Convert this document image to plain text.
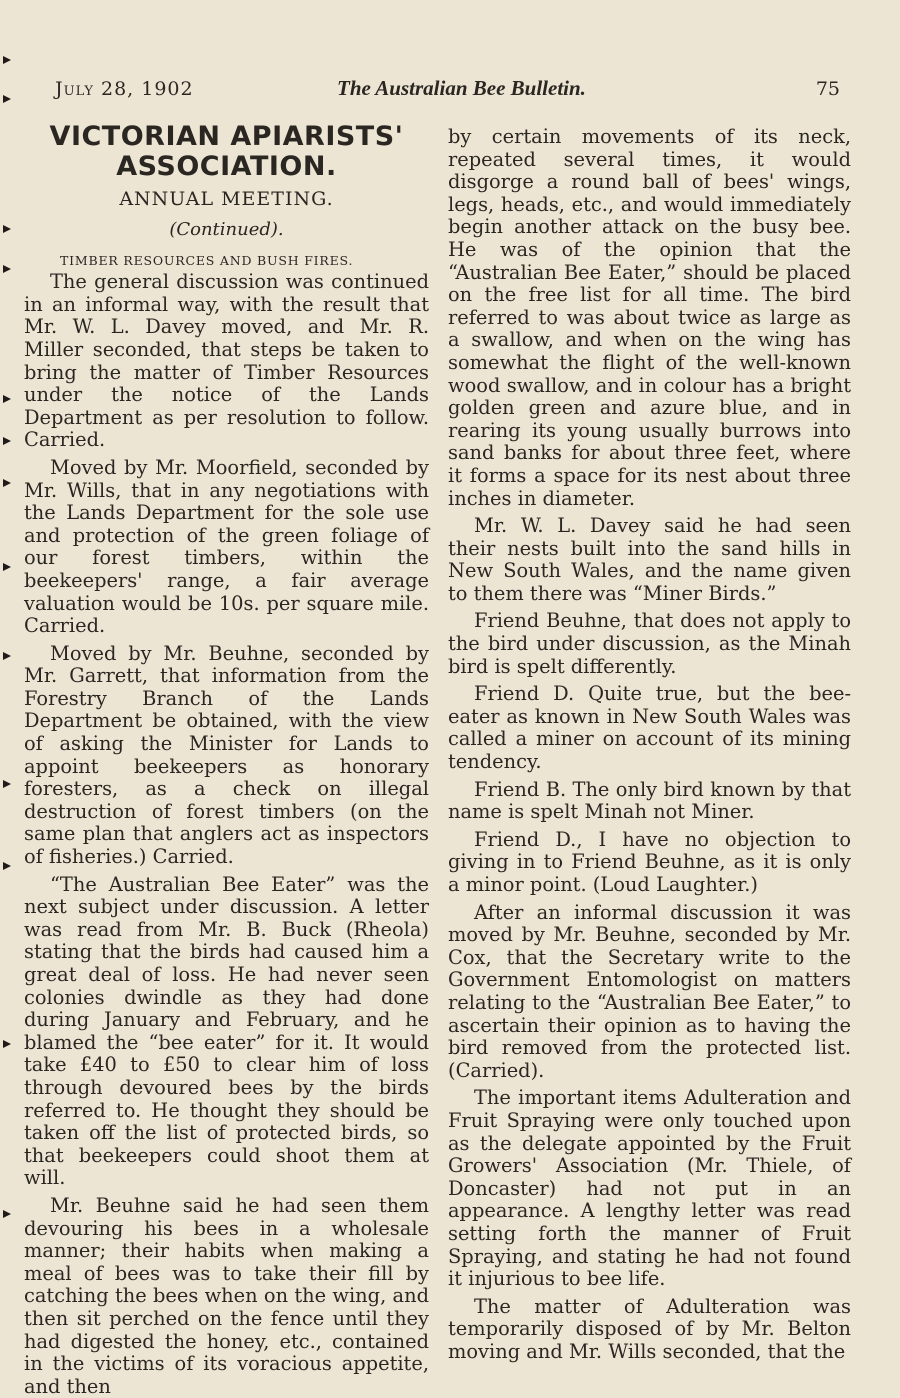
July 28, 1902	The Australian Bee Bulletin.	75
VICTORIAN APIARISTS' ASSOCIATION.
ANNUAL MEETING.
(Continued).
TIMBER RESOURCES AND BUSH FIRES.

The general discussion was continued in an informal way, with the result that Mr. W. L. Davey moved, and Mr. R. Miller seconded, that steps be taken to bring the matter of Timber Resources under the notice of the Lands Department as per resolution to follow. Carried.

Moved by Mr. Moorfield, seconded by Mr. Wills, that in any negotiations with the Lands Department for the sole use and protection of the green foliage of our forest timbers, within the beekeepers' range, a fair average valuation would be 10s. per square mile. Carried.

Moved by Mr. Beuhne, seconded by Mr. Garrett, that information from the Forestry Branch of the Lands Department be obtained, with the view of asking the Minister for Lands to appoint beekeepers as honorary foresters, as a check on illegal destruction of forest timbers (on the same plan that anglers act as inspectors of fisheries.) Carried.

“The Australian Bee Eater” was the next subject under discussion. A letter was read from Mr. B. Buck (Rheola) stating that the birds had caused him a great deal of loss. He had never seen colonies dwindle as they had done during January and February, and he blamed the “bee eater” for it. It would take £40 to £50 to clear him of loss through devoured bees by the birds referred to. He thought they should be taken off the list of protected birds, so that beekeepers could shoot them at will.

Mr. Beuhne said he had seen them devouring his bees in a wholesale manner; their habits when making a meal of bees was to take their fill by catching the bees when on the wing, and then sit perched on the fence until they had digested the honey, etc., contained in the victims of its voracious appetite, and then

by certain movements of its neck, repeated several times, it would disgorge a round ball of bees' wings, legs, heads, etc., and would immediately begin another attack on the busy bee. He was of the opinion that the “Australian Bee Eater,” should be placed on the free list for all time. The bird referred to was about twice as large as a swallow, and when on the wing has somewhat the flight of the well-known wood swallow, and in colour has a bright golden green and azure blue, and in rearing its young usually burrows into sand banks for about three feet, where it forms a space for its nest about three inches in diameter.

Mr. W. L. Davey said he had seen their nests built into the sand hills in New South Wales, and the name given to them there was “Miner Birds.”

Friend Beuhne, that does not apply to the bird under discussion, as the Minah bird is spelt differently.

Friend D. Quite true, but the bee-eater as known in New South Wales was called a miner on account of its mining tendency.

Friend B. The only bird known by that name is spelt Minah not Miner.

Friend D., I have no objection to giving in to Friend Beuhne, as it is only a minor point. (Loud Laughter.)

After an informal discussion it was moved by Mr. Beuhne, seconded by Mr. Cox, that the Secretary write to the Government Entomologist on matters relating to the “Australian Bee Eater,” to ascertain their opinion as to having the bird removed from the protected list. (Carried).

The important items Adulteration and Fruit Spraying were only touched upon as the delegate appointed by the Fruit Growers' Association (Mr. Thiele, of Doncaster) had not put in an appearance. A lengthy letter was read setting forth the manner of Fruit Spraying, and stating he had not found it injurious to bee life.

The matter of Adulteration was temporarily disposed of by Mr. Belton moving and Mr. Wills seconded, that the
